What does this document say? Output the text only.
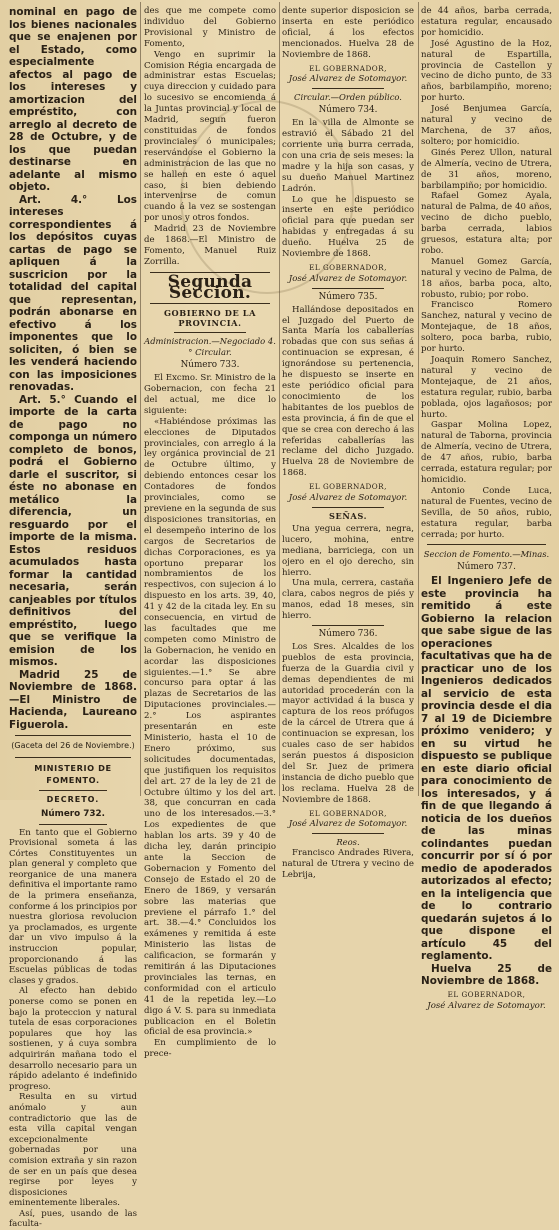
nominal en pago de los bienes nacionales que se enajenen por el Estado, como especialmente afectos al pago de los intereses y amortizacion del empréstito, con arreglo al decreto de 28 de Octubre, y de los que puedan destinarse en adelante al mismo objeto.

Art. 4.° Los intereses correspondientes á los depósitos cuyas cartas de pago se apliquen á la suscricion por la totalidad del capital que representan, podrán abonarse en efectivo á los imponentes que lo soliciten, ó bien se les venderá haciendo con las imposiciones renovadas.

Art. 5.° Cuando el importe de la carta de pago no componga un número completo de bonos, podrá el Gobierno darle el suscritor, si éste no abonase en metálico la diferencia, un resguardo por el importe de la misma. Estos residuos acumulados hasta formar la cantidad necesaria, serán canjeables por títulos definitivos del empréstito, luego que se verifique la emision de los mismos.

Madrid 25 de Noviembre de 1868.—El Ministro de Hacienda, Laureano Figuerola.

(Gaceta del 26 de Noviembre.)

MINISTERIO DE FOMENTO.

DECRETO.

Número 732.

En tanto que el Gobierno Provisional someta á las Córtes Constituyentes un plan general y completo que reorganice de una manera definitiva el importante ramo de la primera enseñanza, conforme á los principios por nuestra gloriosa revolucion ya proclamados, es urgente dar un vivo impulso á la instruccion popular, proporcionando á las Escuelas públicas de todas clases y grados.

Al efecto han debido ponerse como se ponen en bajo la proteccion y natural tutela de esas corporaciones populares que hoy las sostienen, y á cuya sombra adquirirán mañana todo el desarrollo necesario para un rápido adelanto é indefinido progreso.

Resulta en su virtud anómalo y aun contradictorio que las de esta villa capital vengan excepcionalmente gobernadas por una comision extraña y sin razon de ser en un país que desea regirse por leyes y disposiciones eminentemente liberales.

Así, pues, usando de las faculta-

des que me compete como individuo del Gobierno Provisional y Ministro de Fomento,

Vengo en suprimir la Comision Régia encargada de administrar estas Escuelas; cuya direccion y cuidado para lo sucesivo se encomienda á la Juntas provincial y local de Madrid, segun fueron constituidas de fondos provinciales ó municipales; reservándose el Gobierno la administracion de las que no se hallen en este ó aquel caso, si bien debiendo intervenirse de comun cuando á la vez se sostengan por unos y otros fondos.

Madrid 23 de Noviembre de 1868.—El Ministro de Fomento, Manuel Ruiz Zorrilla.

Segunda Seccion.

GOBIERNO DE LA PROVINCIA.

Administracion.—Negociado 4.° Circular.

Número 733.

El Excmo. Sr. Ministro de la Gobernacion, con fecha 21 del actual, me dice lo siguiente:

«Habiéndose próximas las elecciones de Diputados provinciales, con arreglo á la ley orgánica provincial de 21 de Octubre último, y debiendo entonces cesar los Contadores de fondos provinciales, como se previene en la segunda de sus disposiciones transitorias, en el desempeño interino de los cargos de Secretarios de dichas Corporaciones, es ya oportuno preparar los nombramientos de los respectivos, con sujecion á lo dispuesto en los arts. 39, 40, 41 y 42 de la citada ley. En su consecuencia, en virtud de las facultades que me competen como Ministro de la Gobernacion, he venido en acordar las disposiciones siguientes.—1.° Se abre concurso para optar á las plazas de Secretarios de las Diputaciones provinciales.—2.° Los aspirantes presentarán en este Ministerio, hasta el 10 de Enero próximo, sus solicitudes documentadas, que justifiquen los requisitos del art. 27 de la ley de 21 de Octubre último y los del art. 38, que concurran en cada uno de los interesados.—3.° Los expedientes de que hablan los arts. 39 y 40 de dicha ley, darán principio ante la Seccion de Gobernacion y Fomento del Consejo de Estado el 20 de Enero de 1869, y versarán sobre las materias que previene el párrafo 1.° del art. 38.—4.° Concluidos los exámenes y remitida á este Ministerio las listas de calificacion, se formarán y remitirán á las Diputaciones provinciales las ternas, en conformidad con el articulo 41 de la repetida ley.—Lo digo á V. S. para su inmediata publicacion en el Boletin oficial de esa provincia.»

En cumplimiento de lo prece-

dente superior disposicion se inserta en este periódico oficial, á los efectos mencionados. Huelva 28 de Noviembre de 1868.

EL GOBERNADOR,

José Alvarez de Sotomayor.

Circular.—Orden público.

Número 734.

En la villa de Almonte se estravió el Sábado 21 del corriente una burra cerrada, con una cria de seis meses: la madre y la hija son casas, y su dueño Manuel Martinez Ladrón.

Lo que he dispuesto se inserte en este periódico oficial para que puedan ser habidas y entregadas á su dueño. Huelva 25 de Noviembre de 1868.

EL GOBERNADOR,

José Alvarez de Sotomayor.

Número 735.

Hallándose depositados en el Juzgado del Puerto de Santa María los caballerías robadas que con sus señas á continuacion se expresan, é ignorándose su pertenencia, he dispuesto se inserte en este periódico oficial para conocimiento de los habitantes de los pueblos de esta provincia, á fin de que el que se crea con derecho á las referidas caballerías las reclame del dicho Juzgado. Huelva 28 de Noviembre de 1868.

EL GOBERNADOR,

José Alvarez de Sotomayor.

SEÑAS.

Una yegua cerrera, negra, lucero, mohina, entre mediana, barriciega, con un ojero en el ojo derecho, sin hierro.

Una mula, cerrera, castaña clara, cabos negros de piés y manos, edad 18 meses, sin hierro.

Número 736.

Los Sres. Alcaldes de los pueblos de esta provincia, fuerza de la Guardia civil y demas dependientes de mi autoridad procederán con la mayor actividad á la busca y captura de los reos prófugos de la cárcel de Utrera que á continuacion se expresan, los cuales caso de ser habidos serán puestos á disposicion del Sr. Juez de primera instancia de dicho pueblo que los reclama. Huelva 28 de Noviembre de 1868.

EL GOBERNADOR,

José Alvarez de Sotomayor.

Reos.

Francisco Andrades Rivera, natural de Utrera y vecino de Lebrija,

de 44 años, barba cerrada, estatura regular, encausado por homicidio.

José Agustino de la Hoz, natural de Espartilla, provincia de Castellon y vecino de dicho punto, de 33 años, barbilampiño, moreno; por hurto.

José Benjumea García, natural y vecino de Marchena, de 37 años, soltero; por homicidio.

Ginés Perez Ullon, natural de Almería, vecino de Utrera, de 31 años, moreno, barbilampiño; por homicidio.

Rafael Gomez Ayala, natural de Palma, de 40 años, vecino de dicho pueblo, barba cerrada, labios gruesos, estatura alta; por robo.

Manuel Gomez García, natural y vecino de Palma, de 18 años, barba poca, alto, robusto, rubio; por robo.

Francisco Romero Sanchez, natural y vecino de Montejaque, de 18 años, soltero, poca barba, rubio, por hurto.

Joaquin Romero Sanchez, natural y vecino de Montejaque, de 21 años, estatura regular, rubio, barba poblada, ojos lagañosos; por hurto.

Gaspar Molina Lopez, natural de Taborna, provincia de Almería, vecino de Utrera, de 47 años, rubio, barba cerrada, estatura regular; por homicidio.

Antonio Conde Luca, natural de Fuentes, vecino de Sevilla, de 50 años, rubio, estatura regular, barba cerrada; por hurto.

Seccion de Fomento.—Minas.

Número 737.

El Ingeniero Jefe de este provincia ha remitido á este Gobierno la relacion que sabe sigue de las operaciones facultativas que ha de practicar uno de los Ingenieros dedicados al servicio de esta provincia desde el dia 7 al 19 de Diciembre próximo venidero; y en su virtud he dispuesto se publique en este diario oficial para conocimiento de los interesados, y á fin de que llegando á noticia de los dueños de las minas colindantes puedan concurrir por sí ó por medio de apoderados autorizados al efecto; en la inteligencia que de lo contrario quedarán sujetos á lo que dispone el artículo 45 del reglamento.

Huelva 25 de Noviembre de 1868.

EL GOBERNADOR,

José Alvarez de Sotomayor.
